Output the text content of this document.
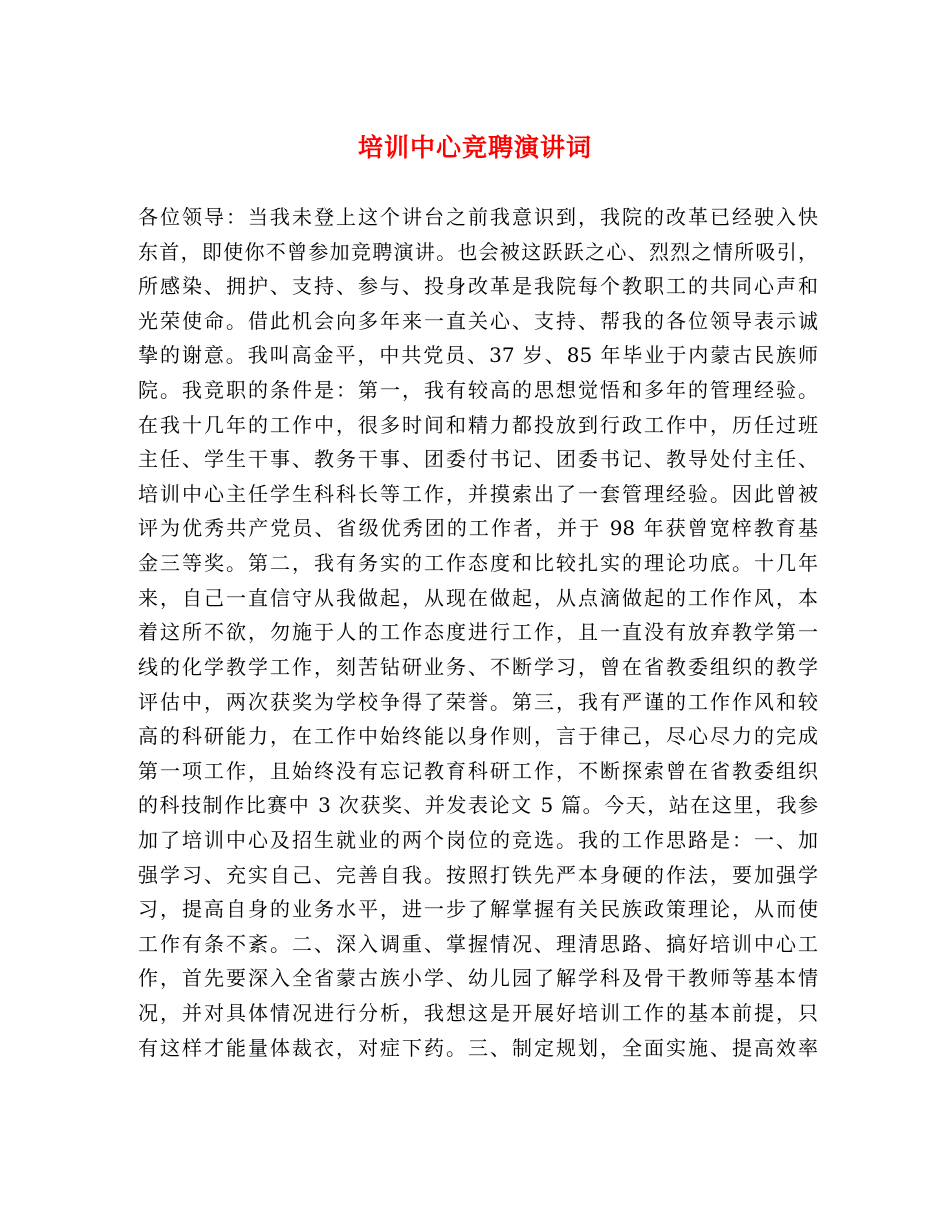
培训中心竞聘演讲词
各位领导：当我未登上这个讲台之前我意识到，我院的改革已经驶入快
东首，即使你不曾参加竞聘演讲。也会被这跃跃之心、烈烈之情所吸引，
所感染、拥护、支持、参与、投身改革是我院每个教职工的共同心声和
光荣使命。借此机会向多年来一直关心、支持、帮我的各位领导表示诚
挚的谢意。我叫高金平，中共党员、37 岁、85 年毕业于内蒙古民族师
院。我竞职的条件是：第一，我有较高的思想觉悟和多年的管理经验。
在我十几年的工作中，很多时间和精力都投放到行政工作中，历任过班
主任、学生干事、教务干事、团委付书记、团委书记、教导处付主任、
培训中心主任学生科科长等工作，并摸索出了一套管理经验。因此曾被
评为优秀共产党员、省级优秀团的工作者，并于 98 年获曾宽梓教育基
金三等奖。第二，我有务实的工作态度和比较扎实的理论功底。十几年
来，自己一直信守从我做起，从现在做起，从点滴做起的工作作风，本
着这所不欲，勿施于人的工作态度进行工作，且一直没有放弃教学第一
线的化学教学工作，刻苦钻研业务、不断学习，曾在省教委组织的教学
评估中，两次获奖为学校争得了荣誉。第三，我有严谨的工作作风和较
高的科研能力，在工作中始终能以身作则，言于律己，尽心尽力的完成
第一项工作，且始终没有忘记教育科研工作，不断探索曾在省教委组织
的科技制作比赛中 3 次获奖、并发表论文 5 篇。今天，站在这里，我参
加了培训中心及招生就业的两个岗位的竞选。我的工作思路是：一、加
强学习、充实自己、完善自我。按照打铁先严本身硬的作法，要加强学
习，提高自身的业务水平，进一步了解掌握有关民族政策理论，从而使
工作有条不紊。二、深入调重、掌握情况、理清思路、搞好培训中心工
作，首先要深入全省蒙古族小学、幼儿园了解学科及骨干教师等基本情
况，并对具体情况进行分析，我想这是开展好培训工作的基本前提，只
有这样才能量体裁衣，对症下药。三、制定规划，全面实施、提高效率
